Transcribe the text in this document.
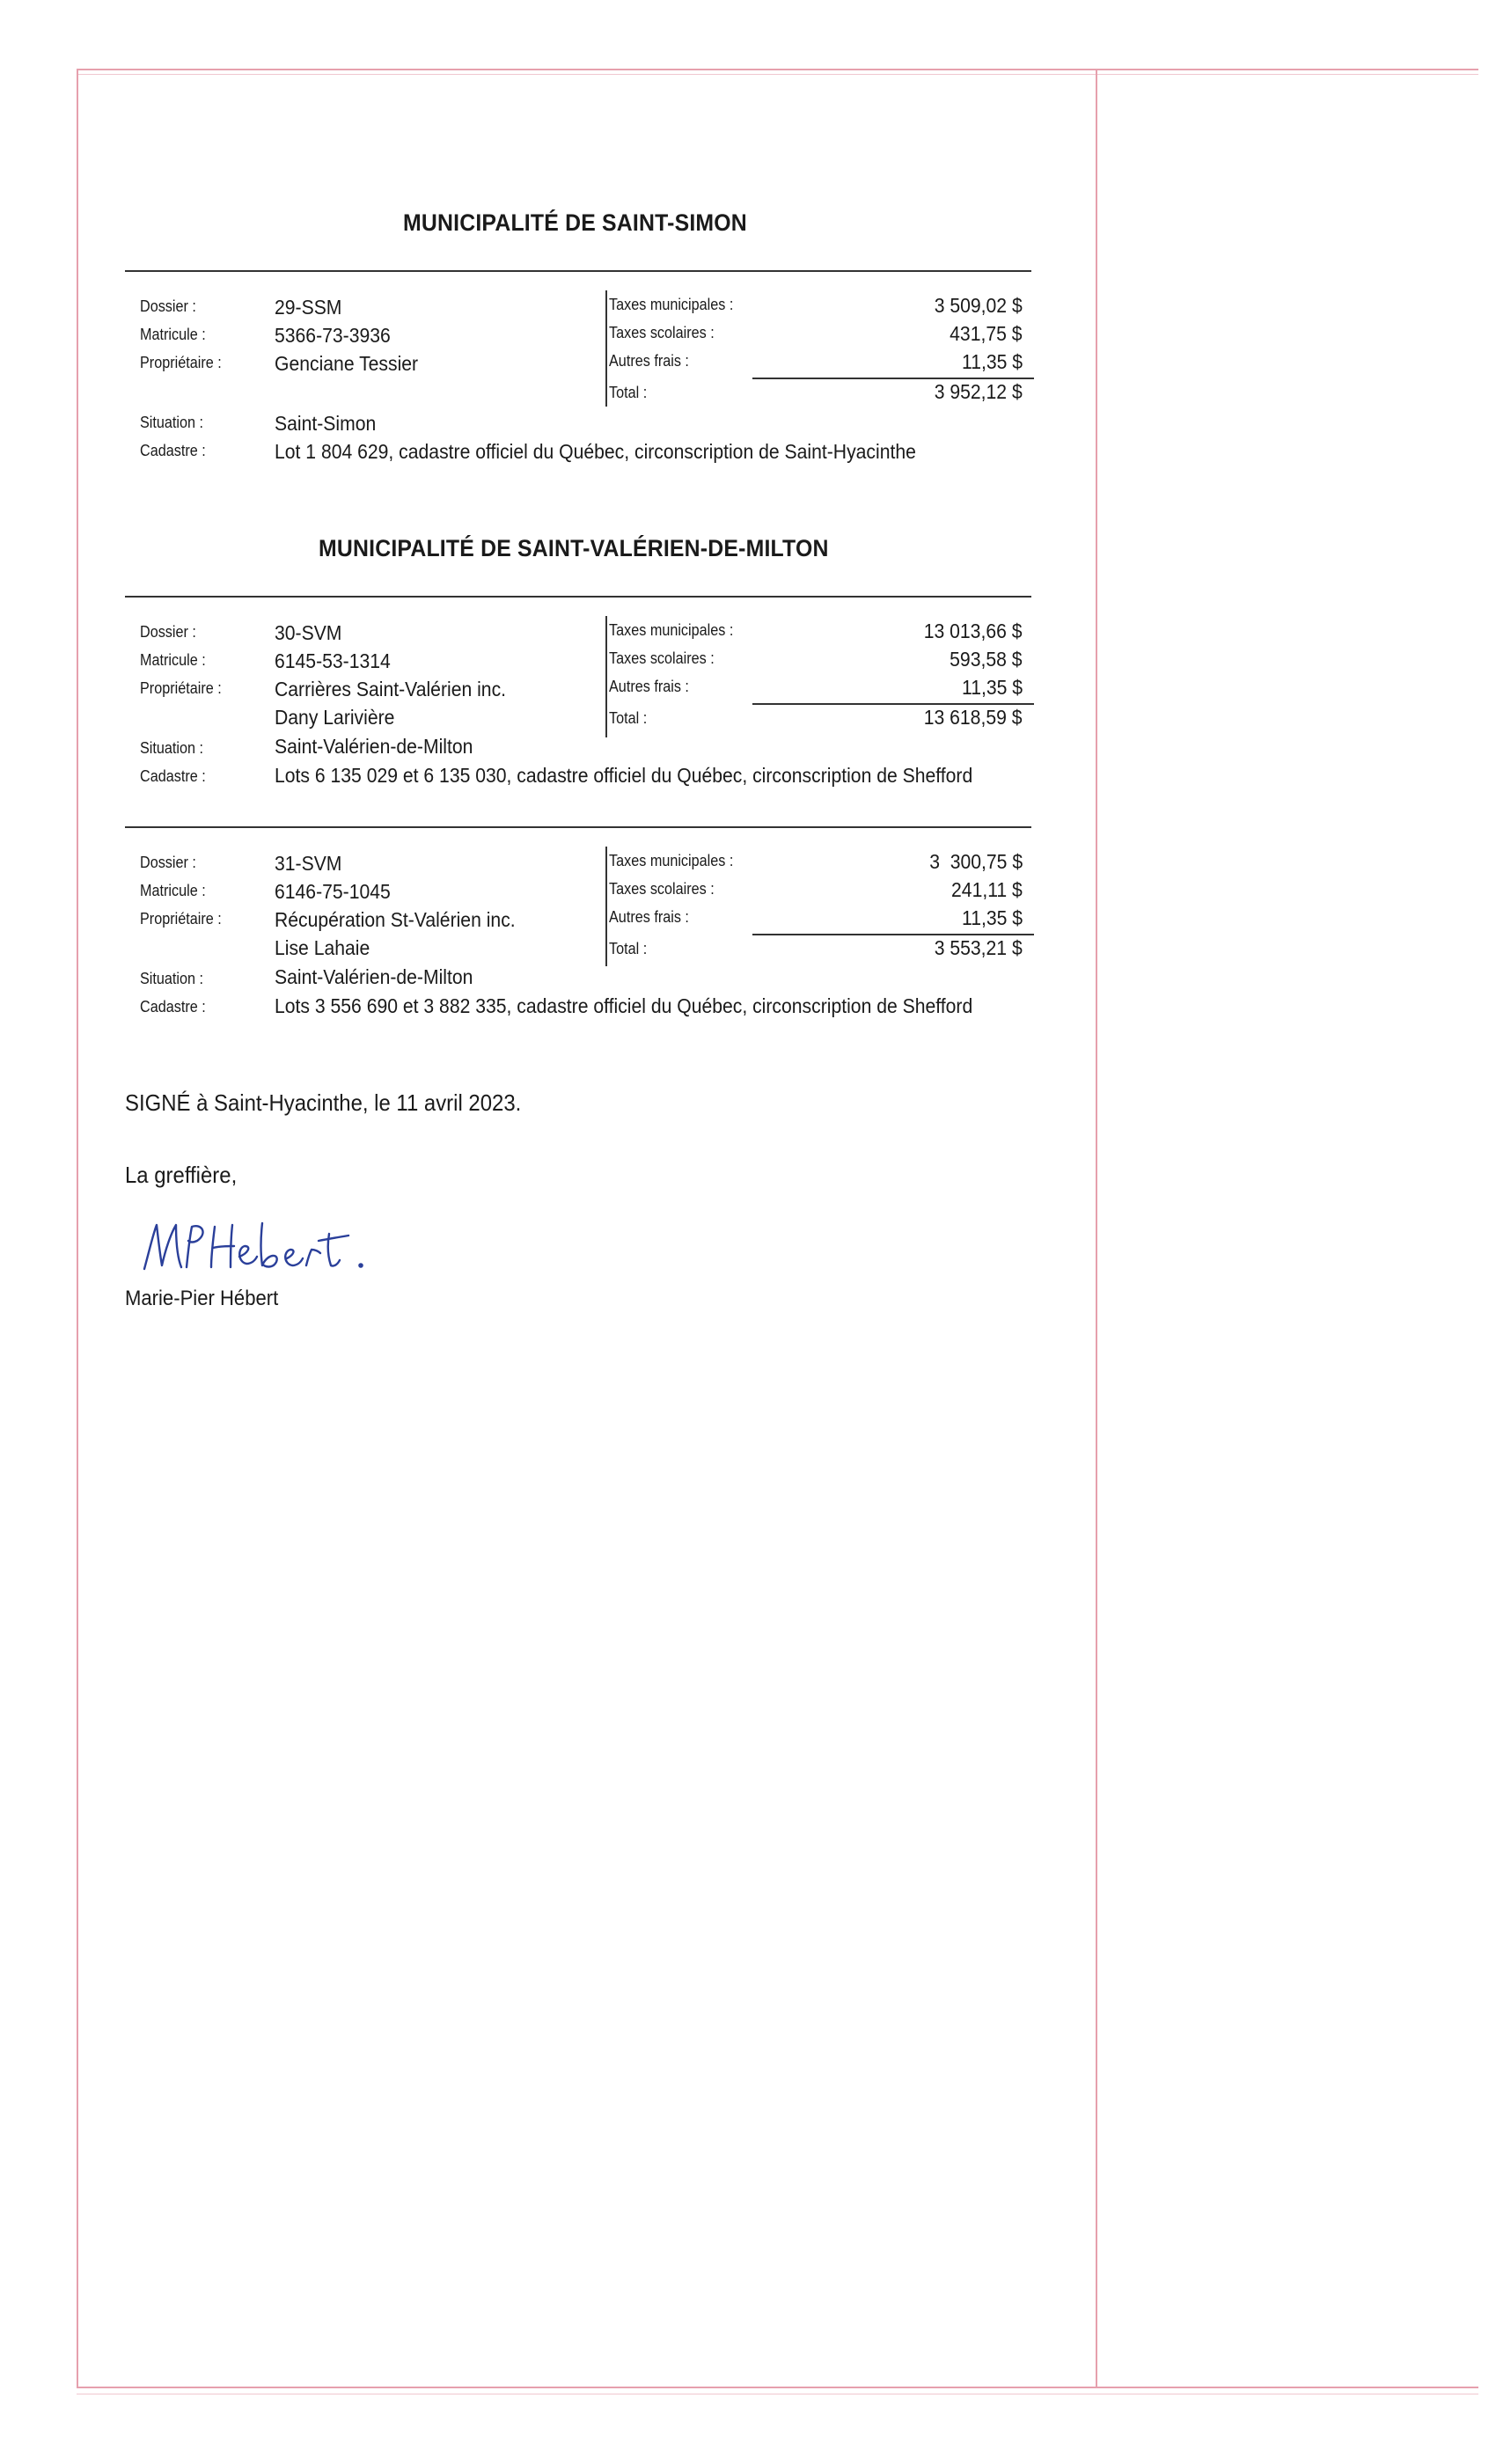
MUNICIPALITÉ DE SAINT-SIMON
Dossier :	29-SSM
Matricule :	5366-73-3936
Propriétaire :	Genciane Tessier
Situation :	Saint-Simon
Cadastre :	Lot 1 804 629, cadastre officiel du Québec, circonscription de Saint-Hyacinthe
Taxes municipales :	3 509,02 $
Taxes scolaires :	431,75 $
Autres frais :	11,35 $
Total :	3 952,12 $
MUNICIPALITÉ DE SAINT-VALÉRIEN-DE-MILTON
Dossier :	30-SVM
Matricule :	6145-53-1314
Propriétaire :	Carrières Saint-Valérien inc.
Dany Larivière
Situation :	Saint-Valérien-de-Milton
Cadastre :	Lots 6 135 029 et 6 135 030, cadastre officiel du Québec, circonscription de Shefford
Taxes municipales :	13 013,66 $
Taxes scolaires :	593,58 $
Autres frais :	11,35 $
Total :	13 618,59 $
Dossier :	31-SVM
Matricule :	6146-75-1045
Propriétaire :	Récupération St-Valérien inc.
Lise Lahaie
Situation :	Saint-Valérien-de-Milton
Cadastre :	Lots 3 556 690 et 3 882 335, cadastre officiel du Québec, circonscription de Shefford
Taxes municipales :	3  300,75 $
Taxes scolaires :	241,11 $
Autres frais :	11,35 $
Total :	3 553,21 $
SIGNÉ à Saint-Hyacinthe, le 11 avril 2023.
La greffière,
Marie-Pier Hébert
